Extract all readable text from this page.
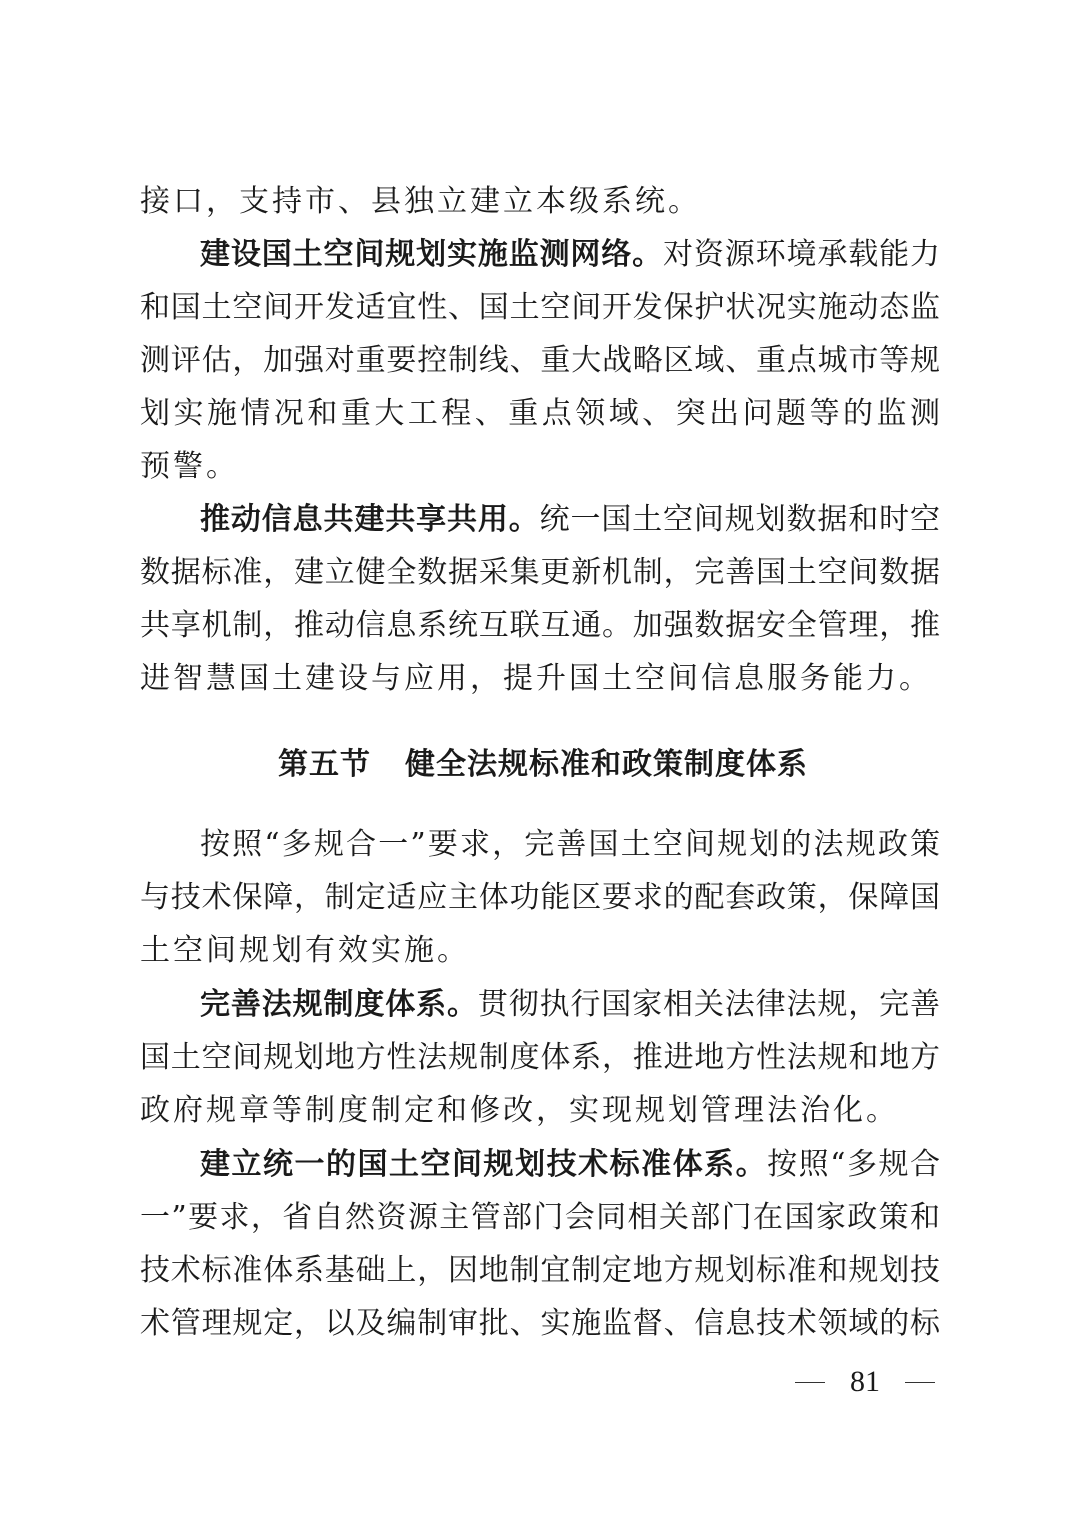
接口，支持市、县独立建立本级系统。
建设国土空间规划实施监测网络。对资源环境承载能力
和国土空间开发适宜性、国土空间开发保护状况实施动态监
测评估，加强对重要控制线、重大战略区域、重点城市等规
划实施情况和重大工程、重点领域、突出问题等的监测
预警。
推动信息共建共享共用。统一国土空间规划数据和时空
数据标准，建立健全数据采集更新机制，完善国土空间数据
共享机制，推动信息系统互联互通。加强数据安全管理，推
进智慧国土建设与应用，提升国土空间信息服务能力。
第五节 健全法规标准和政策制度体系
按照“多规合一”要求，完善国土空间规划的法规政策
与技术保障，制定适应主体功能区要求的配套政策，保障国
土空间规划有效实施。
完善法规制度体系。贯彻执行国家相关法律法规，完善
国土空间规划地方性法规制度体系，推进地方性法规和地方
政府规章等制度制定和修改，实现规划管理法治化。
建立统一的国土空间规划技术标准体系。按照“多规合
一”要求，省自然资源主管部门会同相关部门在国家政策和
技术标准体系基础上，因地制宜制定地方规划标准和规划技
术管理规定，以及编制审批、实施监督、信息技术领域的标
81
